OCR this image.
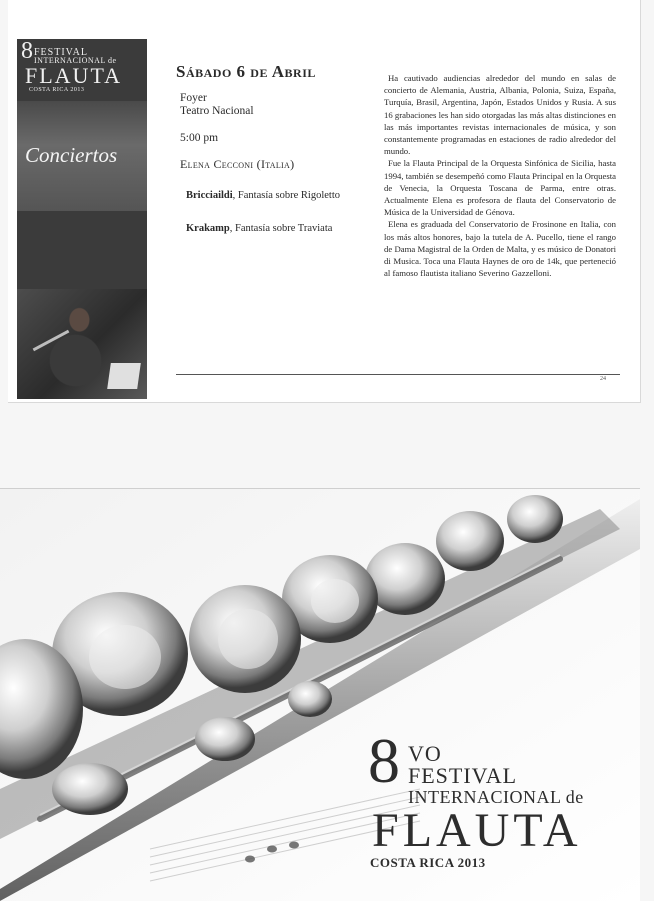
8 FESTIVAL
INTERNACIONAL de
FLAUTA
COSTA RICA 2013
Conciertos
Sábado 6 de Abril
Foyer
Teatro Nacional
5:00 pm
Elena Cecconi (Italia)
Bricciaildi, Fantasía sobre Rigoletto
Krakamp, Fantasía sobre Traviata

Ha cautivado audiencias alrededor del mundo en salas de concierto de Alemania, Austria, Albania, Polonia, Suiza, España, Turquía, Brasil, Argentina, Japón, Estados Unidos y Rusia. A sus 16 grabaciones les han sido otorgadas las más altas distinciones en las más importantes revistas internacionales de música, y son constantemente programadas en estaciones de radio alrededor del mundo.

Fue la Flauta Principal de la Orquesta Sinfónica de Sicilia, hasta 1994, también se desempeñó como Flauta Principal en la Orquesta de Venecia, la Orquesta Toscana de Parma, entre otras. Actualmente Elena es profesora de flauta del Conservatorio de Música de la Universidad de Génova.

Elena es graduada del Conservatorio de Frosinone en Italia, con los más altos honores, bajo la tutela de A. Pucello, tiene el rango de Dama Magistral de la Orden de Malta, y es músico de Donatori di Musica. Toca una Flauta Haynes de oro de 14k, que perteneció al famoso flautista italiano Severino Gazzelloni.

24
8 VO
FESTIVAL
INTERNACIONAL de
FLAUTA
COSTA RICA 2013
